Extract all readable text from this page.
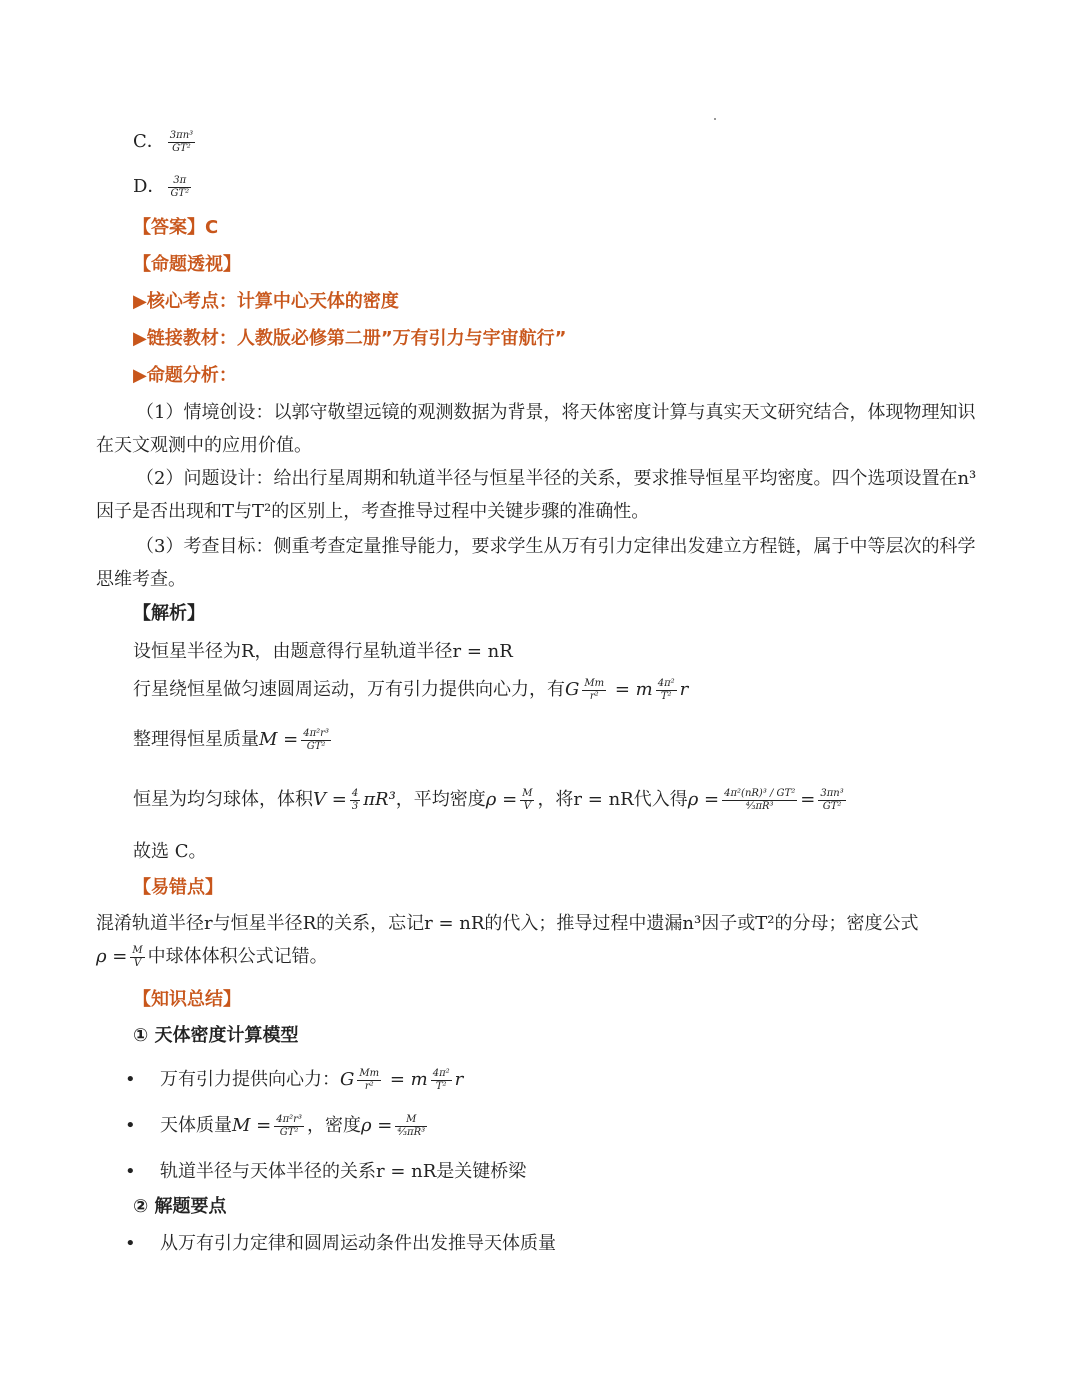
C． $\frac{\text{3πn³}}{\text{GT²}}$
D． $\frac{3\pi}{\text{GT²}}$
【答案】C
【命题透视】
▶核心考点：计算中心天体的密度
▶链接教材：人教版必修第二册”万有引力与宇宙航行”
▶命题分析：
（1）情境创设：以郭守敬望远镜的观测数据为背景，将天体密度计算与真实天文研究结合，体现物理知识在天文观测中的应用价值。
（2）问题设计：给出行星周期和轨道半径与恒星半径的关系，要求推导恒星平均密度。四个选项设置在n³因子是否出现和T与T²的区别上，考查推导过程中关键步骤的准确性。
（3）考查目标：侧重考查定量推导能力，要求学生从万有引力定律出发建立方程链，属于中等层次的科学思维考查。
【解析】
设恒星半径为R，由题意得行星轨道半径r = nR
行星绕恒星做匀速圆周运动，万有引力提供向心力，有G $\frac{Mm}{\text{r²}} = m \frac{\text{4π²}}{\text{T²}}$ r
整理得恒星质量$M = \frac{\text{4π²r³}}{\text{GT²}}$
恒星为均匀球体，体积$V = \frac{4}{3} \pi R^3$，平均密度$\rho = \frac{M}{V}$ ，将r = nR代入得$\rho = \frac{\text{4π²(nR)³ / GT²}}{\text{⁴⁄₃πR³}} = \frac{\text{3πn³}}{\text{GT²}}$
故选 C。
【易错点】
混淆轨道半径r与恒星半径R的关系，忘记r = nR的代入；推导过程中遗漏n³因子或T²的分母；密度公式
$\rho = \frac{M}{V}$ 中球体体积公式记错。
【知识总结】
① 天体密度计算模型
• 万有引力提供向心力：G $\frac{Mm}{\text{r²}} = m \frac{\text{4π²}}{\text{T²}}$ r
• 天体质量$M = \frac{\text{4π²r³}}{\text{GT²}}$ ，密度$\rho = \frac{M}{\text{⁴⁄₃πR³}}$
• 轨道半径与天体半径的关系r = nR是关键桥梁
② 解题要点
• 从万有引力定律和圆周运动条件出发推导天体质量
